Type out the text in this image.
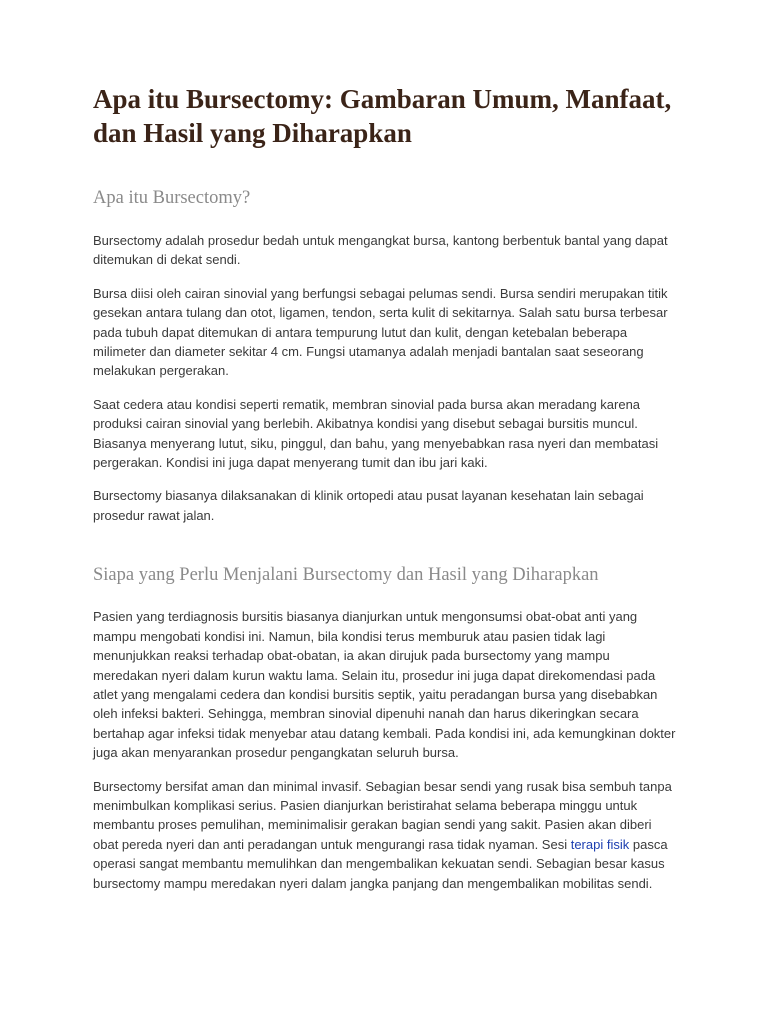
Apa itu Bursectomy: Gambaran Umum, Manfaat, dan Hasil yang Diharapkan
Apa itu Bursectomy?

Bursectomy adalah prosedur bedah untuk mengangkat bursa, kantong berbentuk bantal yang dapat ditemukan di dekat sendi.

Bursa diisi oleh cairan sinovial yang berfungsi sebagai pelumas sendi. Bursa sendiri merupakan titik gesekan antara tulang dan otot, ligamen, tendon, serta kulit di sekitarnya. Salah satu bursa terbesar pada tubuh dapat ditemukan di antara tempurung lutut dan kulit, dengan ketebalan beberapa milimeter dan diameter sekitar 4 cm. Fungsi utamanya adalah menjadi bantalan saat seseorang melakukan pergerakan.

Saat cedera atau kondisi seperti rematik, membran sinovial pada bursa akan meradang karena produksi cairan sinovial yang berlebih. Akibatnya kondisi yang disebut sebagai bursitis muncul. Biasanya menyerang lutut, siku, pinggul, dan bahu, yang menyebabkan rasa nyeri dan membatasi pergerakan. Kondisi ini juga dapat menyerang tumit dan ibu jari kaki.

Bursectomy biasanya dilaksanakan di klinik ortopedi atau pusat layanan kesehatan lain sebagai prosedur rawat jalan.

Siapa yang Perlu Menjalani Bursectomy dan Hasil yang Diharapkan

Pasien yang terdiagnosis bursitis biasanya dianjurkan untuk mengonsumsi obat-obat anti yang mampu mengobati kondisi ini. Namun, bila kondisi terus memburuk atau pasien tidak lagi menunjukkan reaksi terhadap obat-obatan, ia akan dirujuk pada bursectomy yang mampu meredakan nyeri dalam kurun waktu lama. Selain itu, prosedur ini juga dapat direkomendasi pada atlet yang mengalami cedera dan kondisi bursitis septik, yaitu peradangan bursa yang disebabkan oleh infeksi bakteri. Sehingga, membran sinovial dipenuhi nanah dan harus dikeringkan secara bertahap agar infeksi tidak menyebar atau datang kembali. Pada kondisi ini, ada kemungkinan dokter juga akan menyarankan prosedur pengangkatan seluruh bursa.

Bursectomy bersifat aman dan minimal invasif. Sebagian besar sendi yang rusak bisa sembuh tanpa menimbulkan komplikasi serius. Pasien dianjurkan beristirahat selama beberapa minggu untuk membantu proses pemulihan, meminimalisir gerakan bagian sendi yang sakit. Pasien akan diberi obat pereda nyeri dan anti peradangan untuk mengurangi rasa tidak nyaman. Sesi terapi fisik pasca operasi sangat membantu memulihkan dan mengembalikan kekuatan sendi. Sebagian besar kasus bursectomy mampu meredakan nyeri dalam jangka panjang dan mengembalikan mobilitas sendi.
